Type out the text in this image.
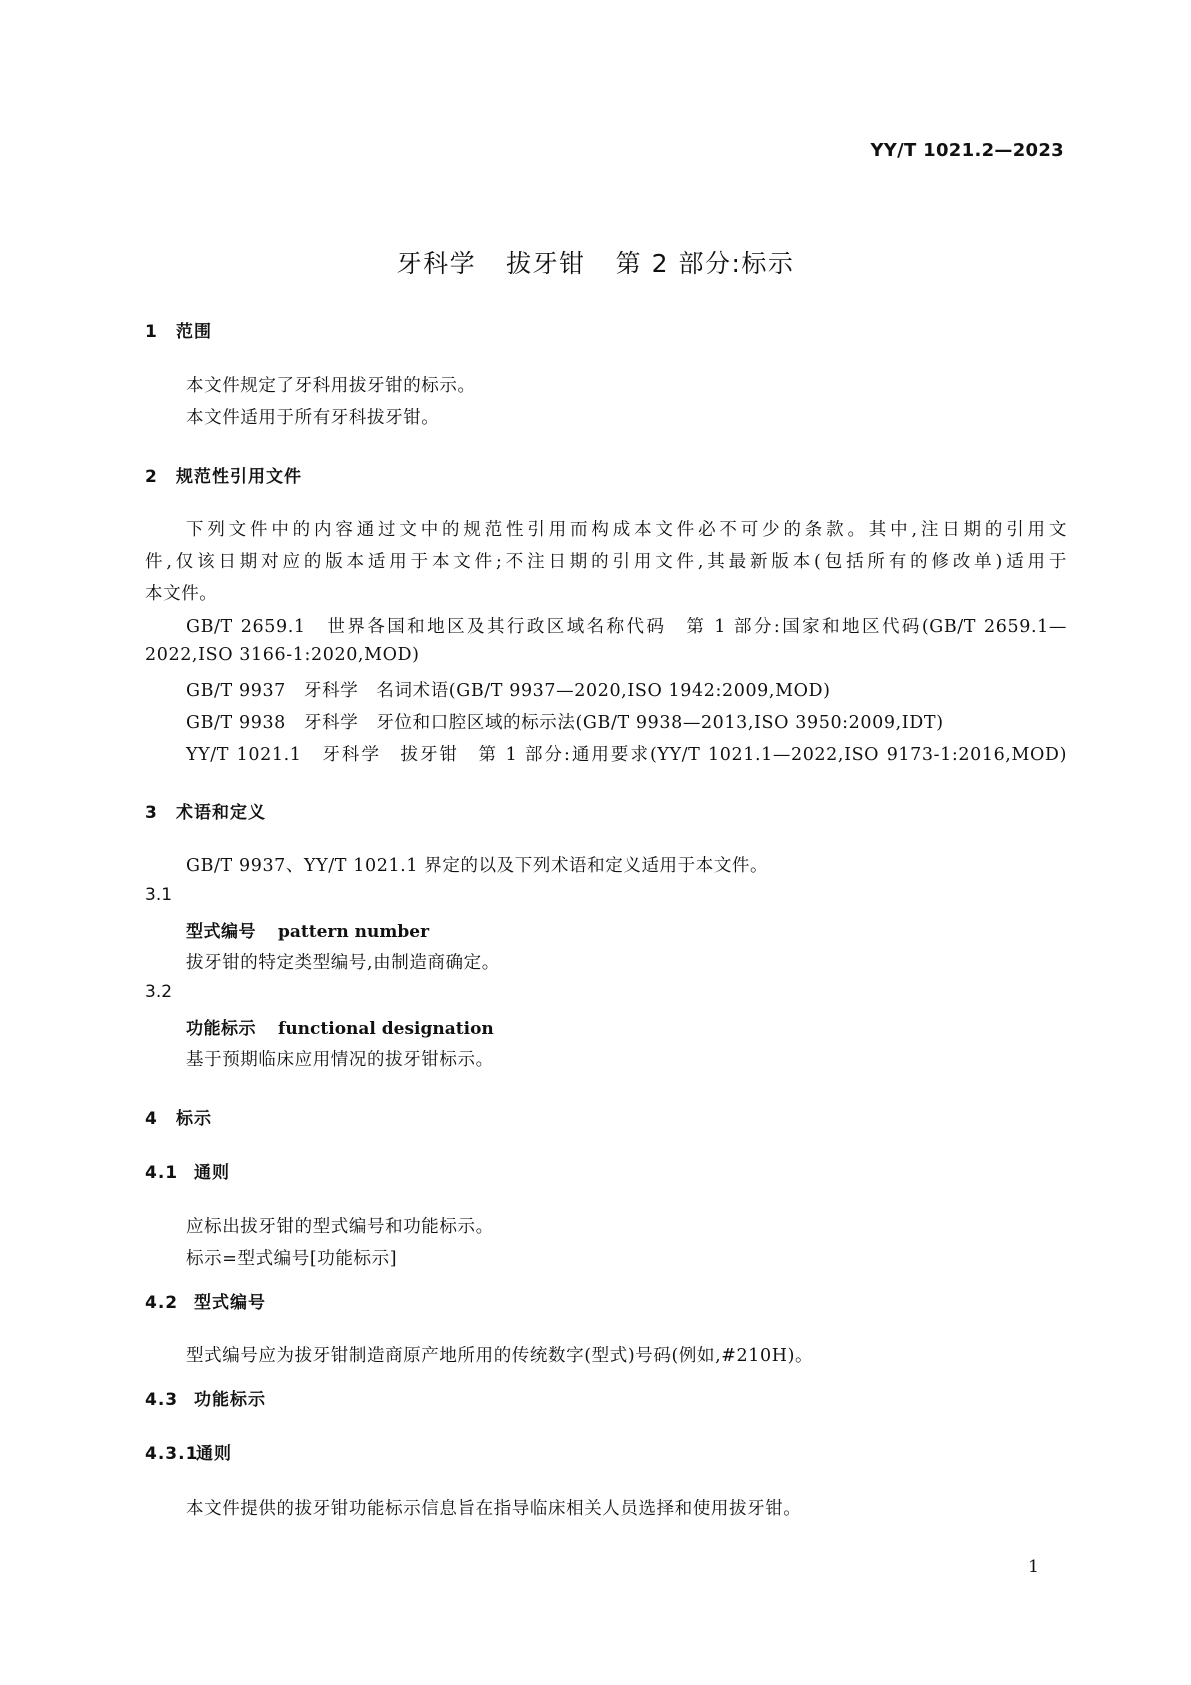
YY/T 1021.2—2023
牙科学 拔牙钳 第 2 部分:标示
1 范围
本文件规定了牙科用拔牙钳的标示。
本文件适用于所有牙科拔牙钳。
2 规范性引用文件
下列文件中的内容通过文中的规范性引用而构成本文件必不可少的条款。其中,注日期的引用文
件,仅该日期对应的版本适用于本文件;不注日期的引用文件,其最新版本(包括所有的修改单)适用于
本文件。
GB/T 2659.1　世界各国和地区及其行政区域名称代码　第 1 部分:国家和地区代码(GB/T 2659.1—
2022,ISO 3166-1:2020,MOD)
GB/T 9937　牙科学　名词术语(GB/T 9937—2020,ISO 1942:2009,MOD)
GB/T 9938　牙科学　牙位和口腔区域的标示法(GB/T 9938—2013,ISO 3950:2009,IDT)
YY/T 1021.1　牙科学　拔牙钳　第 1 部分:通用要求(YY/T 1021.1—2022,ISO 9173-1:2016,MOD)
3 术语和定义
GB/T 9937、YY/T 1021.1 界定的以及下列术语和定义适用于本文件。
3.1
型式编号 pattern number
拔牙钳的特定类型编号,由制造商确定。
3.2
功能标示 functional designation
基于预期临床应用情况的拔牙钳标示。
4 标示
4.1 通则
应标出拔牙钳的型式编号和功能标示。
标示=型式编号[功能标示]
4.2 型式编号
型式编号应为拔牙钳制造商原产地所用的传统数字(型式)号码(例如,#210H)。
4.3 功能标示
4.3.1通则
本文件提供的拔牙钳功能标示信息旨在指导临床相关人员选择和使用拔牙钳。
1
